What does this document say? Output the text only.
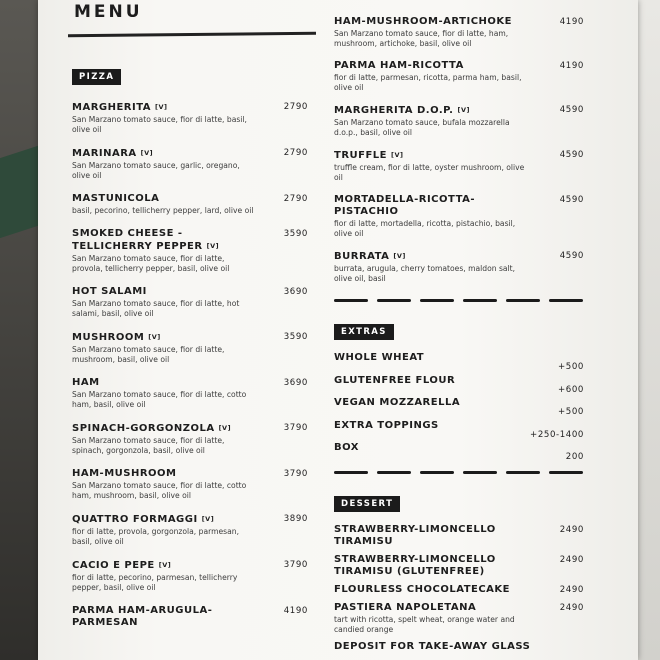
MENU
PIZZA
MARGHERITA [V]
San Marzano tomato sauce, fior di latte, basil, olive oil
2790
MARINARA [V]
San Marzano tomato sauce, garlic, oregano, olive oil
2790
MASTUNICOLA
basil, pecorino, tellicherry pepper, lard, olive oil
2790
SMOKED CHEESE -TELLICHERRY PEPPER [V]
San Marzano tomato sauce, fior di latte, provola, tellicherry pepper, basil, olive oil
3590
HOT SALAMI
San Marzano tomato sauce, fior di latte, hot salami, basil, olive oil
3690
MUSHROOM [V]
San Marzano tomato sauce, fior di latte, mushroom, basil, olive oil
3590
HAM
San Marzano tomato sauce, fior di latte, cotto ham, basil, olive oil
3690
SPINACH-GORGONZOLA [V]
San Marzano tomato sauce, fior di latte, spinach, gorgonzola, basil, olive oil
3790
HAM-MUSHROOM
San Marzano tomato sauce, fior di latte, cotto ham, mushroom, basil, olive oil
3790
QUATTRO FORMAGGI [V]
fior di latte, provola, gorgonzola, parmesan, basil, olive oil
3890
CACIO E PEPE [V]
fior di latte, pecorino, parmesan, tellicherry pepper, basil, olive oil
3790
PARMA HAM-ARUGULA-PARMESAN
4190
HAM-MUSHROOM-ARTICHOKE
San Marzano tomato sauce, fior di latte, ham, mushroom, artichoke, basil, olive oil
4190
PARMA HAM-RICOTTA
fior di latte, parmesan, ricotta, parma ham, basil, olive oil
4190
MARGHERITA D.O.P. [V]
San Marzano tomato sauce, bufala mozzarella d.o.p., basil, olive oil
4590
TRUFFLE [V]
truffle cream, fior di latte, oyster mushroom, olive oil
4590
MORTADELLA-RICOTTA-PISTACHIO
fior di latte, mortadella, ricotta, pistachio, basil, olive oil
4590
BURRATA [V]
burrata, arugula, cherry tomatoes, maldon salt, olive oil, basil
4590
EXTRAS
WHOLE WHEAT
+500
GLUTENFREE FLOUR
+600
VEGAN MOZZARELLA
+500
EXTRA TOPPINGS
+250-1400
BOX
200
DESSERT
STRAWBERRY-LIMONCELLO TIRAMISU
2490
STRAWBERRY-LIMONCELLO TIRAMISU (GLUTENFREE)
2490
FLOURLESS CHOCOLATECAKE	2490
PASTIERA NAPOLETANA
tart with ricotta, spelt wheat, orange water and candied orange
2490
DEPOSIT FOR TAKE-AWAY GLASS
